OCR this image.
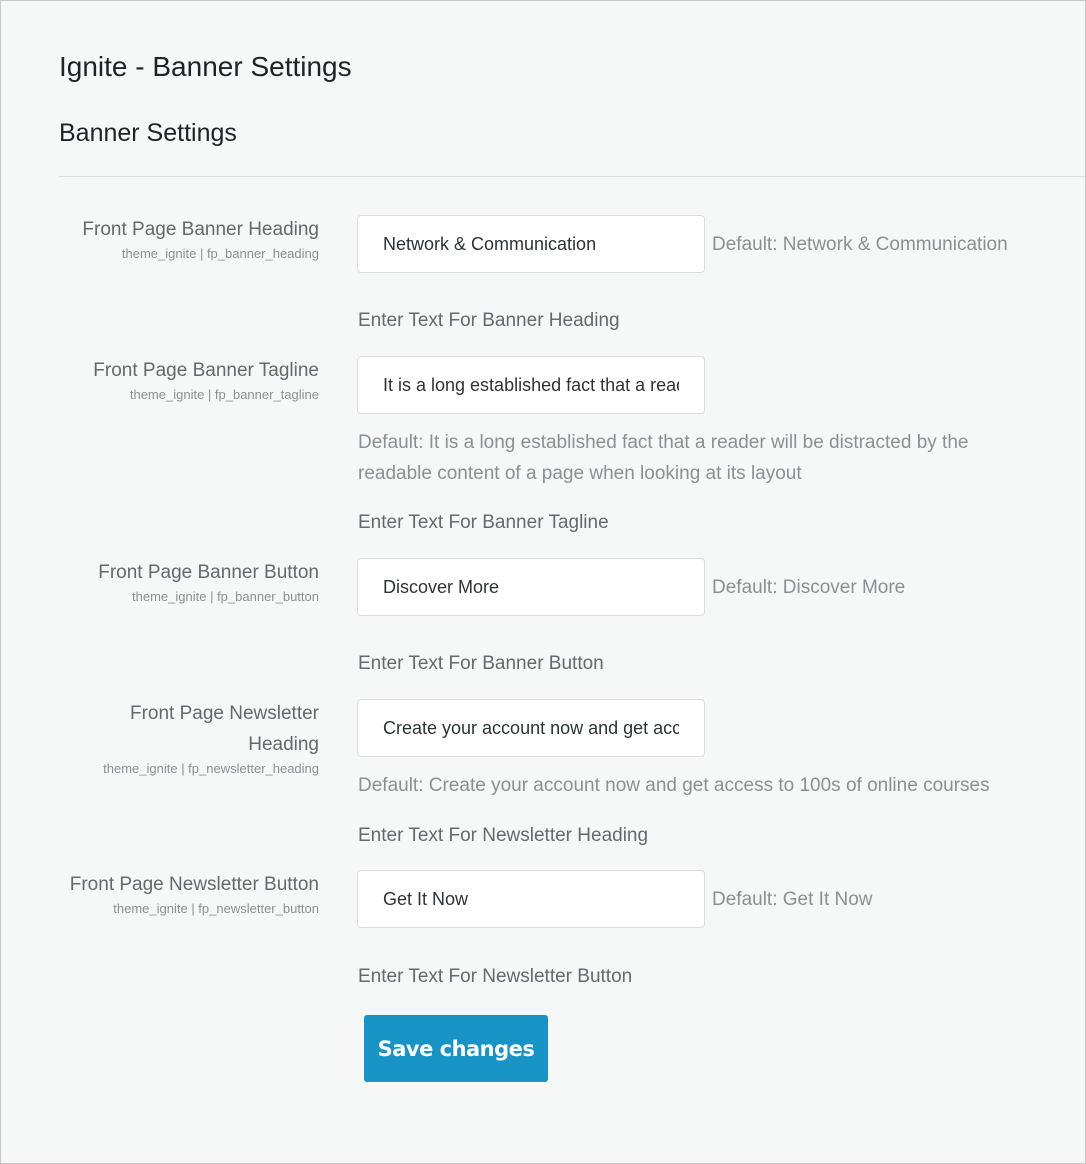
Ignite - Banner Settings
Banner Settings
Front Page Banner Heading
theme_ignite | fp_banner_heading
Network & Communication	Default: Network & Communication
Enter Text For Banner Heading
Front Page Banner Tagline
theme_ignite | fp_banner_tagline
It is a long established fact that a reader will be distracted by the readable content of a page when looking at its layout
Default: It is a long established fact that a reader will be distracted by the readable content of a page when looking at its layout
Enter Text For Banner Tagline
Front Page Banner Button
theme_ignite | fp_banner_button
Discover More	Default: Discover More
Enter Text For Banner Button
Front Page Newsletter Heading
theme_ignite | fp_newsletter_heading
Create your account now and get access to 100s of online courses
Default: Create your account now and get access to 100s of online courses
Enter Text For Newsletter Heading
Front Page Newsletter Button
theme_ignite | fp_newsletter_button
Get It Now	Default: Get It Now
Enter Text For Newsletter Button
Save changes
